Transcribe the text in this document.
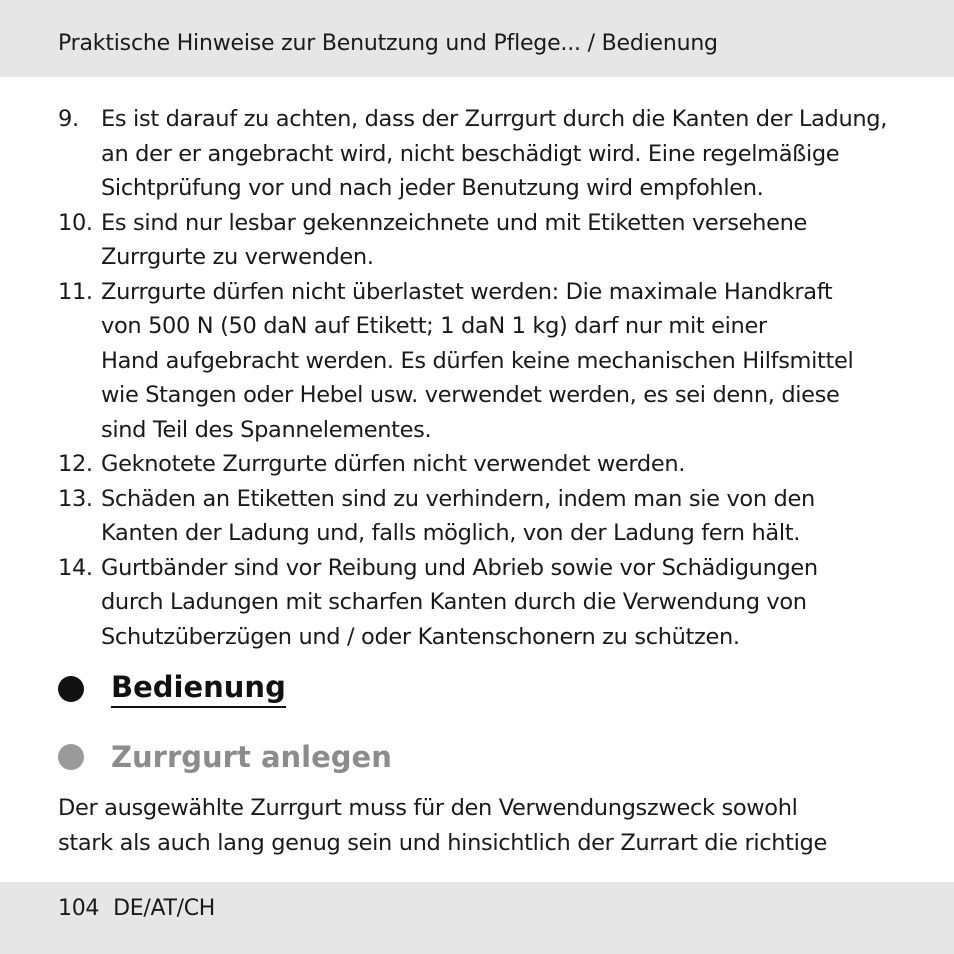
Praktische Hinweise zur Benutzung und Pflege... / Bedienung
9. Es ist darauf zu achten, dass der Zurrgurt durch die Kanten der Ladung,
an der er angebracht wird, nicht beschädigt wird. Eine regelmäßige
Sichtprüfung vor und nach jeder Benutzung wird empfohlen.
10. Es sind nur lesbar gekennzeichnete und mit Etiketten versehene
Zurrgurte zu verwenden.
11. Zurrgurte dürfen nicht überlastet werden: Die maximale Handkraft
von 500 N (50 daN auf Etikett; 1 daN 1 kg) darf nur mit einer
Hand aufgebracht werden. Es dürfen keine mechanischen Hilfsmittel
wie Stangen oder Hebel usw. verwendet werden, es sei denn, diese
sind Teil des Spannelementes.
12. Geknotete Zurrgurte dürfen nicht verwendet werden.
13. Schäden an Etiketten sind zu verhindern, indem man sie von den
Kanten der Ladung und, falls möglich, von der Ladung fern hält.
14. Gurtbänder sind vor Reibung und Abrieb sowie vor Schädigungen
durch Ladungen mit scharfen Kanten durch die Verwendung von
Schutzüberzügen und / oder Kantenschonern zu schützen.
Bedienung
Zurrgurt anlegen
Der ausgewählte Zurrgurt muss für den Verwendungszweck sowohl
stark als auch lang genug sein und hinsichtlich der Zurrart die richtige
104 DE/AT/CH
